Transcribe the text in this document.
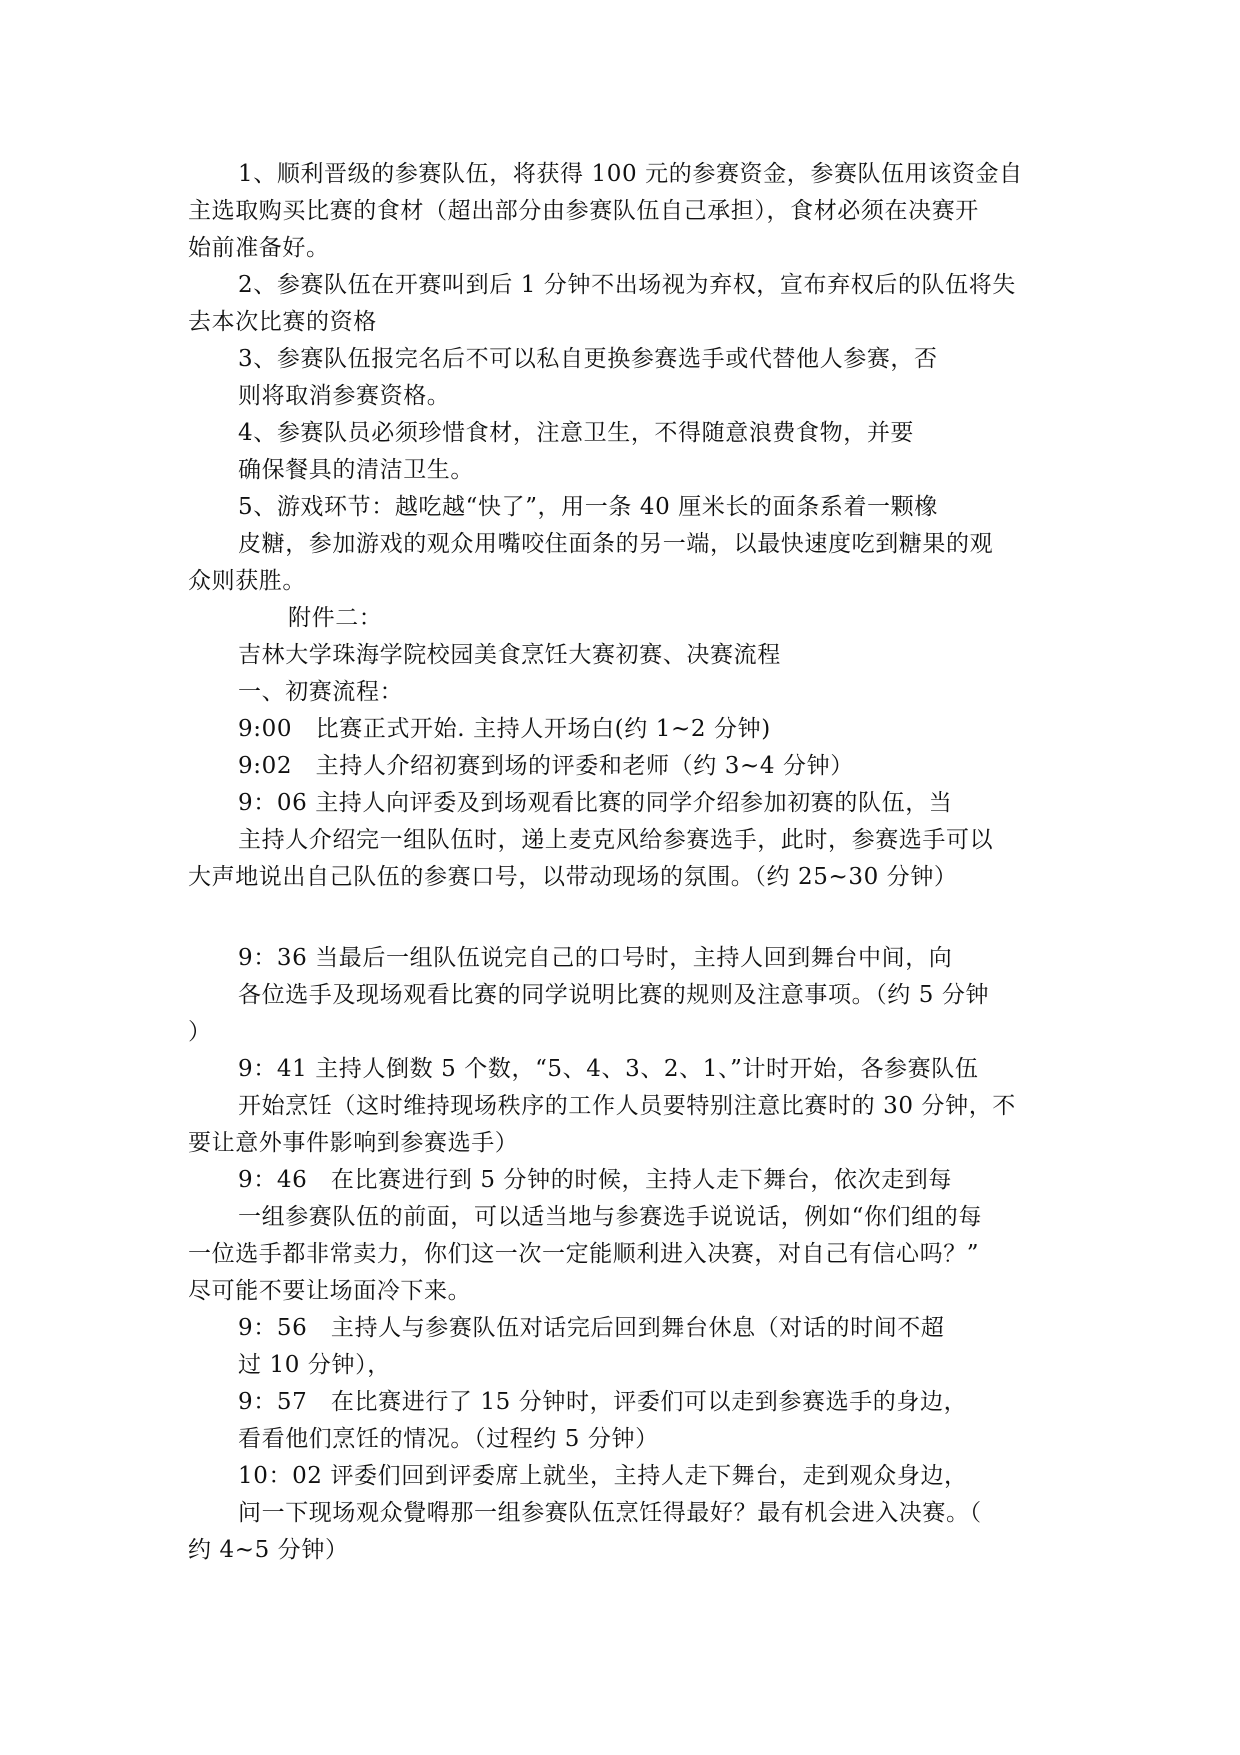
1、顺利晋级的参赛队伍，将获得 100 元的参赛资金，参赛队伍用该资金自
主选取购买比赛的食材（超出部分由参赛队伍自己承担），食材必须在决赛开
始前准备好。
2、参赛队伍在开赛叫到后 1 分钟不出场视为弃权，宣布弃权后的队伍将失
去本次比赛的资格
3、参赛队伍报完名后不可以私自更换参赛选手或代替他人参赛，否
则将取消参赛资格。
4、参赛队员必须珍惜食材，注意卫生，不得随意浪费食物，并要
确保餐具的清洁卫生。
5、游戏环节：越吃越“快了”，用一条 40 厘米长的面条系着一颗橡
皮糖，参加游戏的观众用嘴咬住面条的另一端，以最快速度吃到糖果的观
众则获胜。
附件二：
吉林大学珠海学院校园美食烹饪大赛初赛、决赛流程
一、初赛流程：
9:00　比赛正式开始. 主持人开场白(约 1~2 分钟)
9:02　主持人介绍初赛到场的评委和老师（约 3~4 分钟）
9：06 主持人向评委及到场观看比赛的同学介绍参加初赛的队伍，当
主持人介绍完一组队伍时，递上麦克风给参赛选手，此时，参赛选手可以
大声地说出自己队伍的参赛口号，以带动现场的氛围。（约 25~30 分钟）
9：36 当最后一组队伍说完自己的口号时，主持人回到舞台中间，向
各位选手及现场观看比赛的同学说明比赛的规则及注意事项。（约 5 分钟
）
9：41 主持人倒数 5 个数，“5、4、3、2、1、”计时开始，各参赛队伍
开始烹饪（这时维持现场秩序的工作人员要特别注意比赛时的 30 分钟，不
要让意外事件影响到参赛选手）
9：46　在比赛进行到 5 分钟的时候，主持人走下舞台，依次走到每
一组参赛队伍的前面，可以适当地与参赛选手说说话，例如“你们组的每
一位选手都非常卖力，你们这一次一定能顺利进入决赛，对自己有信心吗？”
尽可能不要让场面冷下来。
9：56　主持人与参赛队伍对话完后回到舞台休息（对话的时间不超
过 10 分钟），
9：57　在比赛进行了 15 分钟时，评委们可以走到参赛选手的身边，
看看他们烹饪的情况。（过程约 5 分钟）
10：02 评委们回到评委席上就坐，主持人走下舞台，走到观众身边，
问一下现场观众覺嘚那一组参赛队伍烹饪得最好？最有机会进入决赛。（
约 4~5 分钟）
